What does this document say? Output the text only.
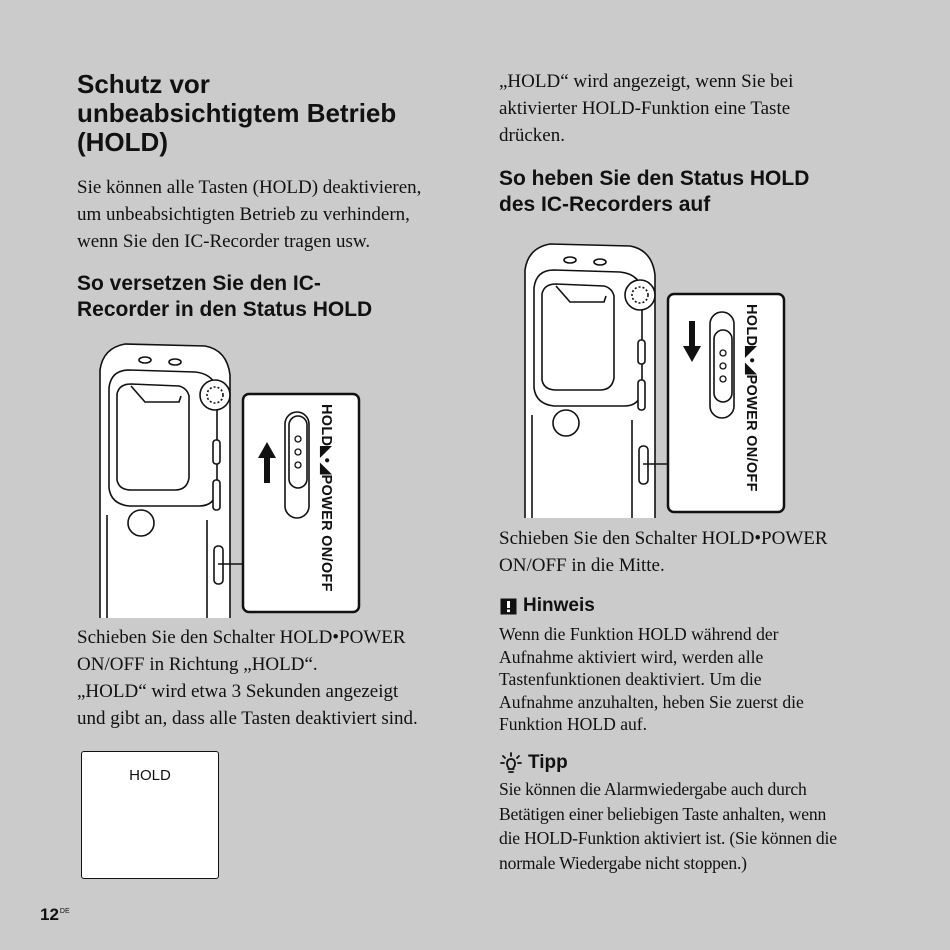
Schutz vor
unbeabsichtigtem Betrieb
(HOLD)
Sie können alle Tasten (HOLD) deaktivieren,
um unbeabsichtigten Betrieb zu verhindern,
wenn Sie den IC-Recorder tragen usw.
So versetzen Sie den IC-
Recorder in den Status HOLD
HOLD◣•◢POWER ON/OFF
Schieben Sie den Schalter HOLD•POWER
ON/OFF in Richtung „HOLD“.
„HOLD“ wird etwa 3 Sekunden angezeigt
und gibt an, dass alle Tasten deaktiviert sind.
HOLD
12DE
„HOLD“ wird angezeigt, wenn Sie bei
aktivierter HOLD-Funktion eine Taste
drücken.
So heben Sie den Status HOLD
des IC-Recorders auf
HOLD◣•◢POWER ON/OFF
Schieben Sie den Schalter HOLD•POWER
ON/OFF in die Mitte.
Hinweis
Wenn die Funktion HOLD während der
Aufnahme aktiviert wird, werden alle
Tastenfunktionen deaktiviert. Um die
Aufnahme anzuhalten, heben Sie zuerst die
Funktion HOLD auf.
Tipp
Sie können die Alarmwiedergabe auch durch
Betätigen einer beliebigen Taste anhalten, wenn
die HOLD-Funktion aktiviert ist. (Sie können die
normale Wiedergabe nicht stoppen.)
